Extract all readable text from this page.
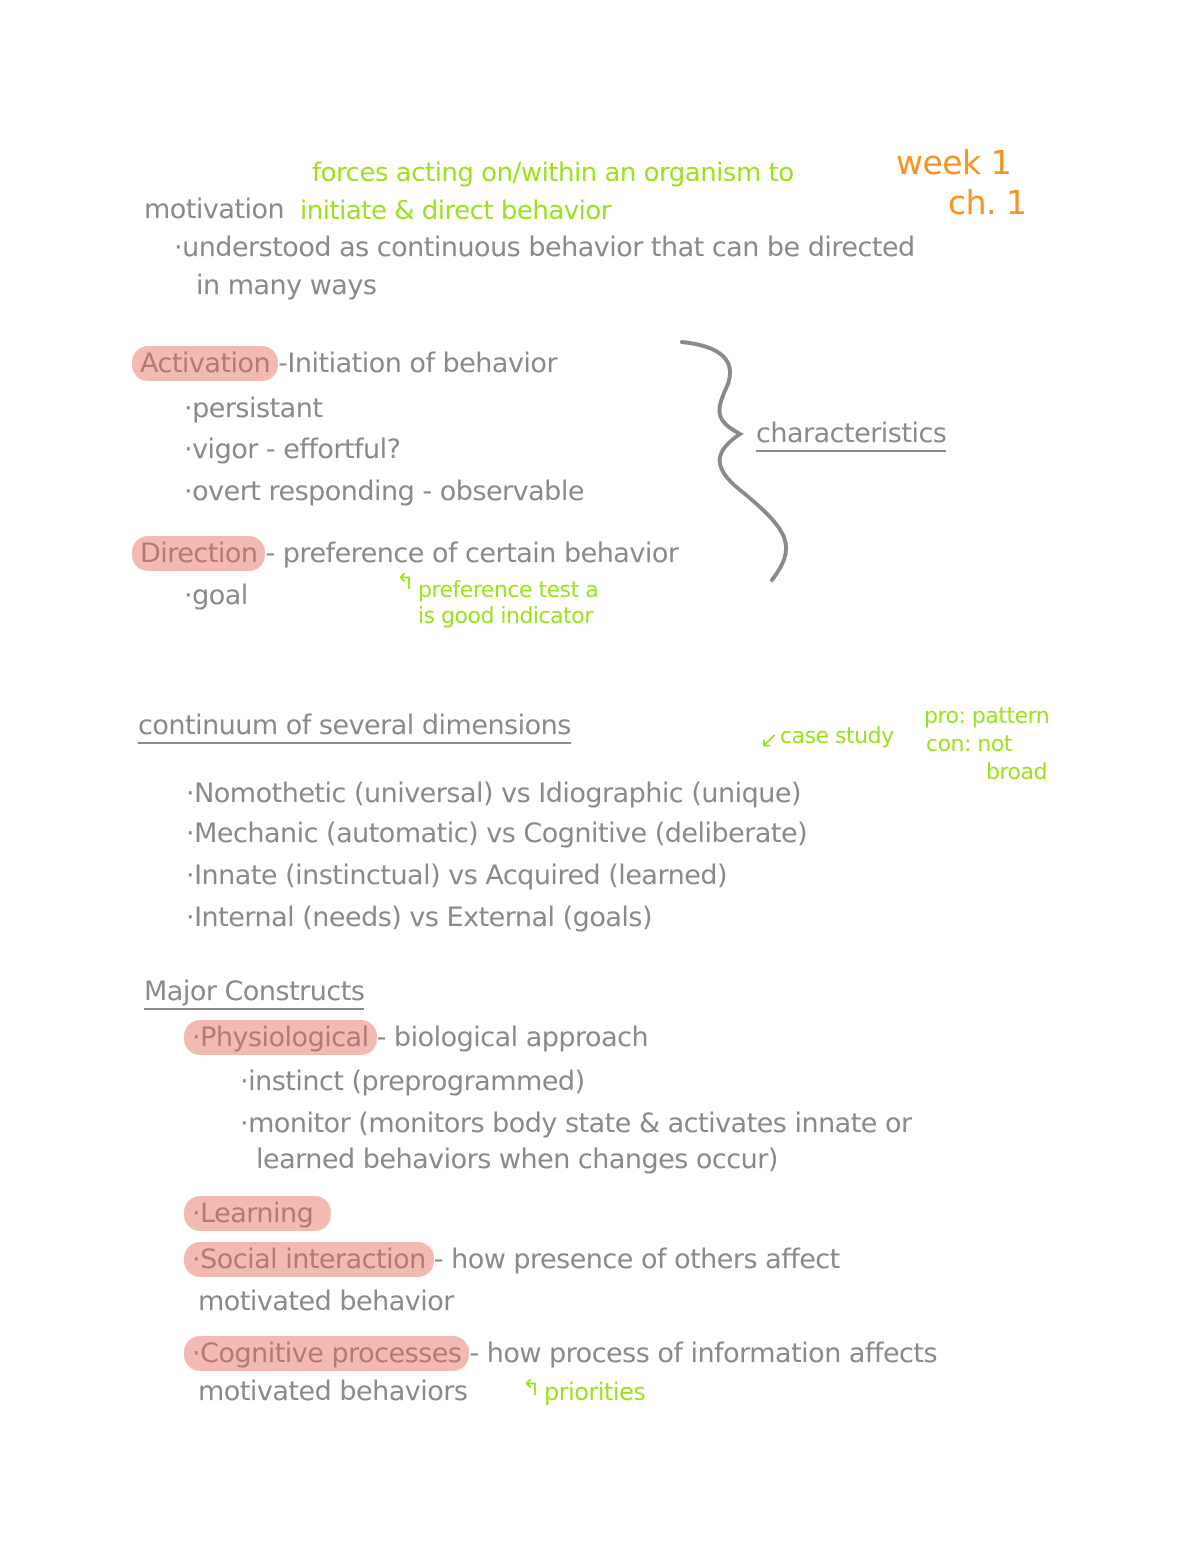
week 1
ch. 1
forces acting on/within an organism to
motivation initiate & direct behavior
·understood as continuous behavior that can be directed
in many ways
Activation -Initiation of behavior
·persistant
·vigor - effortful?
·overt responding - observable
characteristics
Direction - preference of certain behavior
·goal	↰ preference test a
is good indicator
continuum of several dimensions	↙ case study
pro: pattern
con: not
broad
·Nomothetic (universal) vs Idiographic (unique)
·Mechanic (automatic) vs Cognitive (deliberate)
·Innate (instinctual) vs Acquired (learned)
·Internal (needs) vs External (goals)
Major Constructs
·Physiological - biological approach
·instinct (preprogrammed)
·monitor (monitors body state & activates innate or
learned behaviors when changes occur)
·Learning
·Social interaction - how presence of others affect
motivated behavior
·Cognitive processes - how process of information affects
motivated behaviors ↰ priorities
